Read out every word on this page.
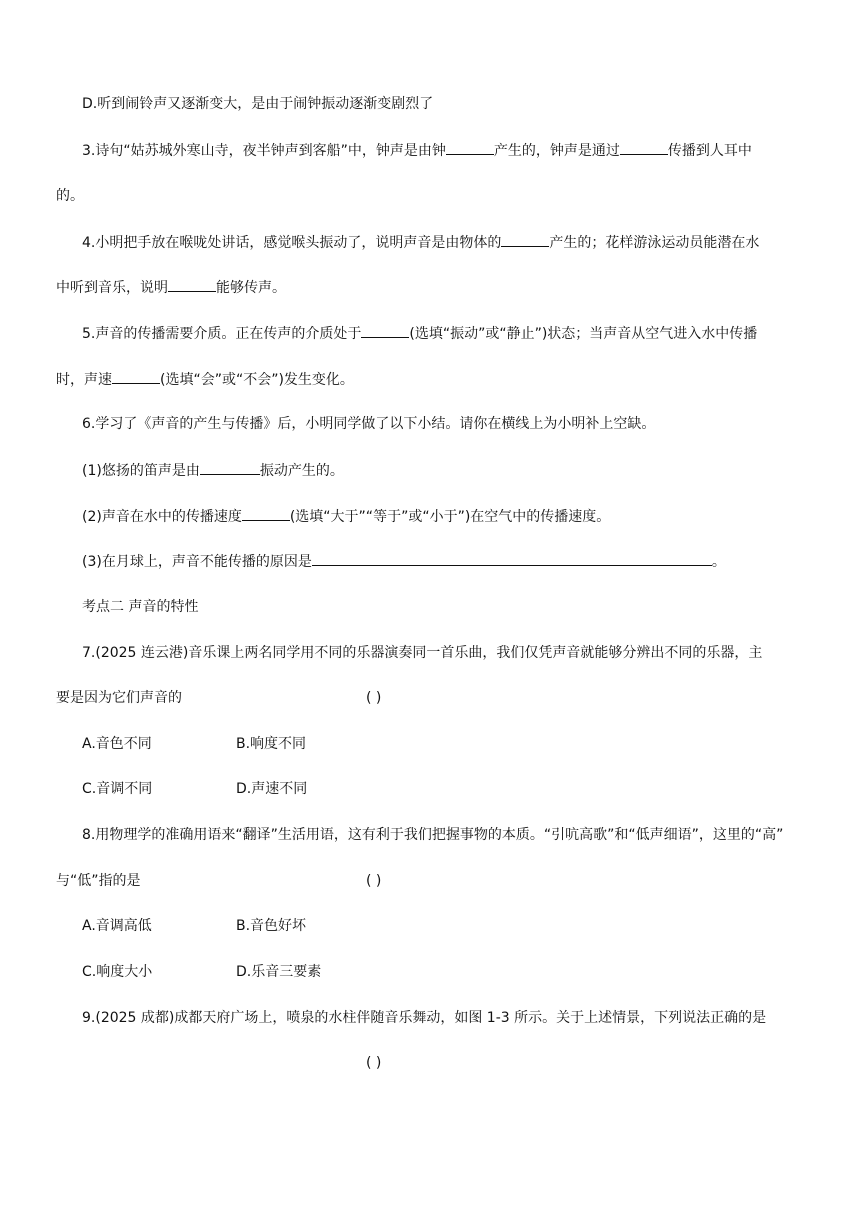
D.听到闹铃声又逐渐变大，是由于闹钟振动逐渐变剧烈了
3.诗句“姑苏城外寒山寺，夜半钟声到客船”中，钟声是由钟	产生的，钟声是通过	传播到人耳中
的。
4.小明把手放在喉咙处讲话，感觉喉头振动了，说明声音是由物体的	产生的；花样游泳运动员能潜在水
中听到音乐，说明	能够传声。
5.声音的传播需要介质。正在传声的介质处于	(选填“振动”或“静止”)状态；当声音从空气进入水中传播
时，声速	(选填“会”或“不会”)发生变化。
6.学习了《声音的产生与传播》后，小明同学做了以下小结。请你在横线上为小明补上空缺。
(1)悠扬的笛声是由	振动产生的。
(2)声音在水中的传播速度	(选填“大于”“等于”或“小于”)在空气中的传播速度。
(3)在月球上，声音不能传播的原因是	。
考点二 声音的特性
7.(2025 连云港)音乐课上两名同学用不同的乐器演奏同一首乐曲，我们仅凭声音就能够分辨出不同的乐器，主
要是因为它们声音的	( )
A.音色不同	B.响度不同
C.音调不同	D.声速不同
8.用物理学的准确用语来“翻译”生活用语，这有利于我们把握事物的本质。“引吭高歌”和“低声细语”，这里的“高”
与“低”指的是	( )
A.音调高低	B.音色好坏
C.响度大小	D.乐音三要素
9.(2025 成都)成都天府广场上，喷泉的水柱伴随音乐舞动，如图 1-3 所示。关于上述情景，下列说法正确的是
( )
